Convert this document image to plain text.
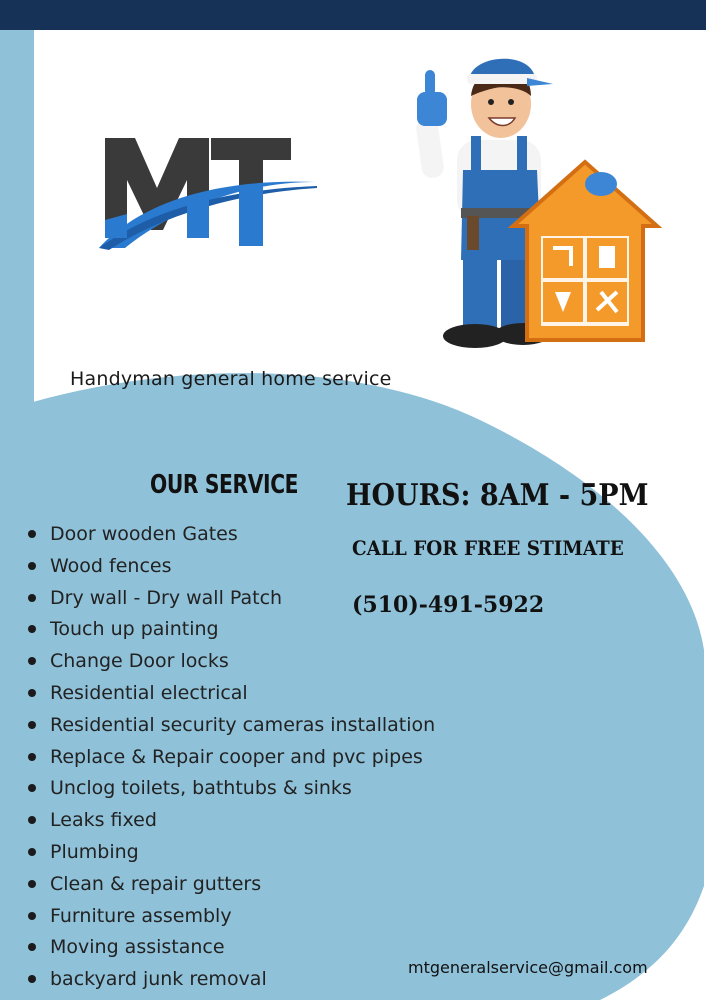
Handyman general home service
OUR SERVICE
Door wooden Gates
Wood fences
Dry wall - Dry wall Patch
Touch up painting
Change Door locks
Residential electrical
Residential security cameras installation
Replace & Repair cooper and pvc pipes
Unclog toilets, bathtubs & sinks
Leaks fixed
Plumbing
Clean & repair gutters
Furniture assembly
Moving assistance
backyard junk removal
HOURS: 8AM - 5PM
CALL FOR FREE STIMATE
(510)-491-5922
mtgeneralservice@gmail.com
